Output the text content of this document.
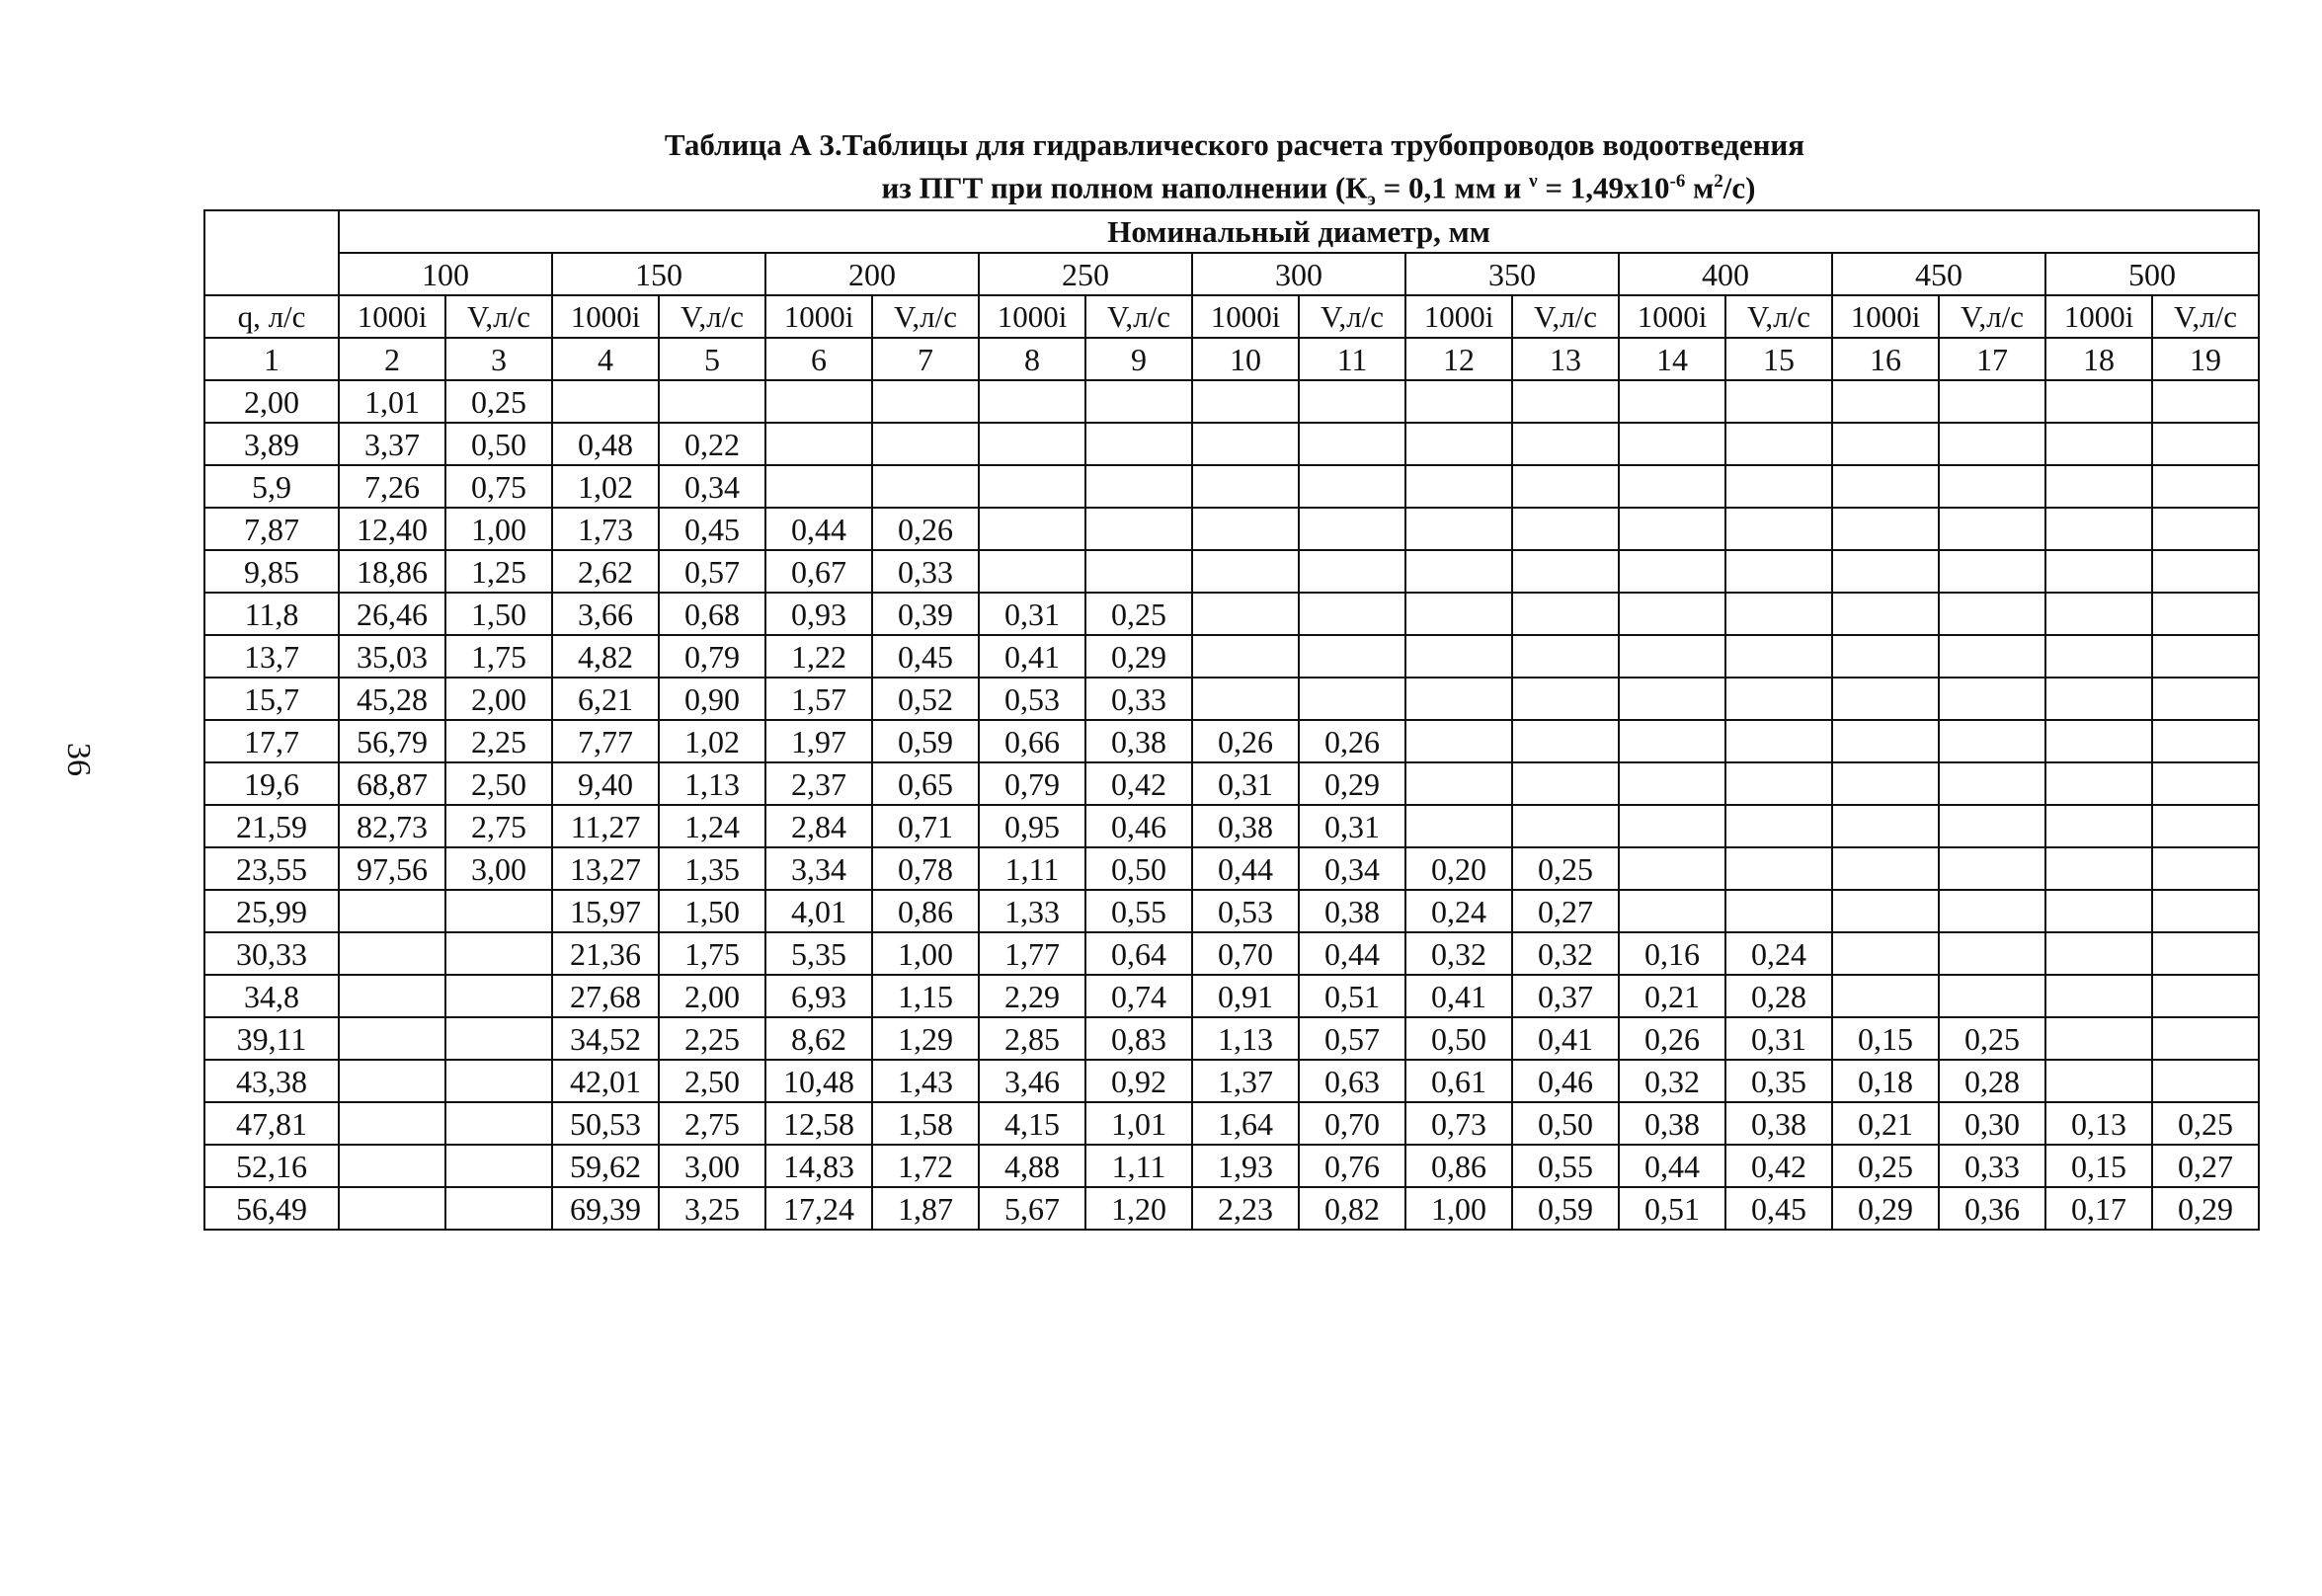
36
Таблица А 3.Таблицы для гидравлического расчета трубопроводов водоотведения
из ПГТ при полном наполнении ($К_э = 0,1$ мм и $^\nu = 1,49x10^{-6}$ $м^2/с$)
	Номинальный диаметр, мм																	
	100		150		200		250		300		350		400		450		500	
q, л/с	1000i	V,л/с	1000i	V,л/с	1000i	V,л/с	1000i	V,л/с	1000i	V,л/с	1000i	V,л/с	1000i	V,л/с	1000i	V,л/с	1000i	V,л/с
1	2	3	4	5	6	7	8	9	10	11	12	13	14	15	16	17	18	19
2,00	1,01	0,25																
3,89	3,37	0,50	0,48	0,22														
5,9	7,26	0,75	1,02	0,34														
7,87	12,40	1,00	1,73	0,45	0,44	0,26												
9,85	18,86	1,25	2,62	0,57	0,67	0,33												
11,8	26,46	1,50	3,66	0,68	0,93	0,39	0,31	0,25										
13,7	35,03	1,75	4,82	0,79	1,22	0,45	0,41	0,29										
15,7	45,28	2,00	6,21	0,90	1,57	0,52	0,53	0,33										
17,7	56,79	2,25	7,77	1,02	1,97	0,59	0,66	0,38	0,26	0,26								
19,6	68,87	2,50	9,40	1,13	2,37	0,65	0,79	0,42	0,31	0,29								
21,59	82,73	2,75	11,27	1,24	2,84	0,71	0,95	0,46	0,38	0,31								
23,55	97,56	3,00	13,27	1,35	3,34	0,78	1,11	0,50	0,44	0,34	0,20	0,25						
25,99			15,97	1,50	4,01	0,86	1,33	0,55	0,53	0,38	0,24	0,27						
30,33			21,36	1,75	5,35	1,00	1,77	0,64	0,70	0,44	0,32	0,32	0,16	0,24				
34,8			27,68	2,00	6,93	1,15	2,29	0,74	0,91	0,51	0,41	0,37	0,21	0,28				
39,11			34,52	2,25	8,62	1,29	2,85	0,83	1,13	0,57	0,50	0,41	0,26	0,31	0,15	0,25		
43,38			42,01	2,50	10,48	1,43	3,46	0,92	1,37	0,63	0,61	0,46	0,32	0,35	0,18	0,28		
47,81			50,53	2,75	12,58	1,58	4,15	1,01	1,64	0,70	0,73	0,50	0,38	0,38	0,21	0,30	0,13	0,25
52,16			59,62	3,00	14,83	1,72	4,88	1,11	1,93	0,76	0,86	0,55	0,44	0,42	0,25	0,33	0,15	0,27
56,49			69,39	3,25	17,24	1,87	5,67	1,20	2,23	0,82	1,00	0,59	0,51	0,45	0,29	0,36	0,17	0,29
